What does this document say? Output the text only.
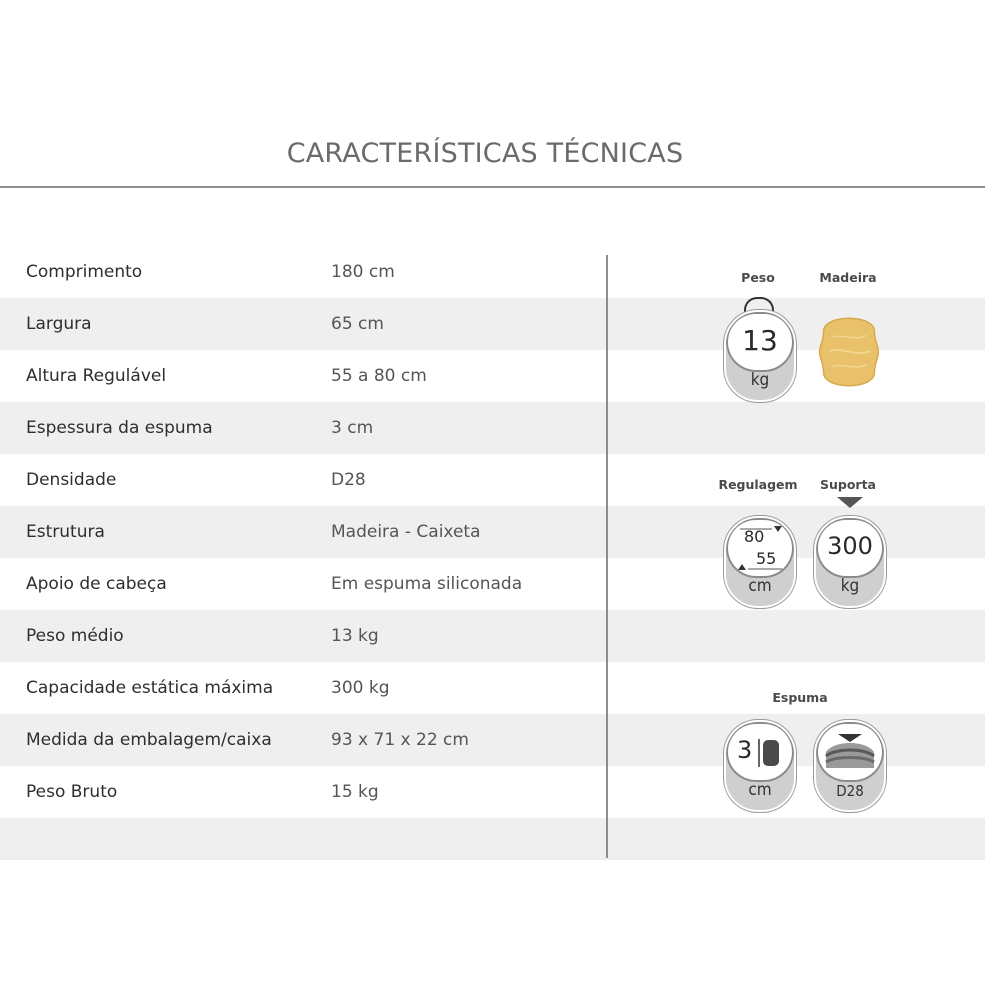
CARACTERÍSTICAS TÉCNICAS
Comprimento	180 cm
Largura	65 cm
Altura Regulável	55 a 80 cm
Espessura da espuma	3 cm
Densidade	D28
Estrutura	Madeira - Caixeta
Apoio de cabeça	Em espuma siliconada
Peso médio	13 kg
Capacidade estática máxima	300 kg
Medida da embalagem/caixa	93 x 71 x 22 cm
Peso Bruto	15 kg
Peso
13
kg
Madeira
Regulagem
80
55
cm
Suporta
300
kg
Espuma
3
cm	D28
